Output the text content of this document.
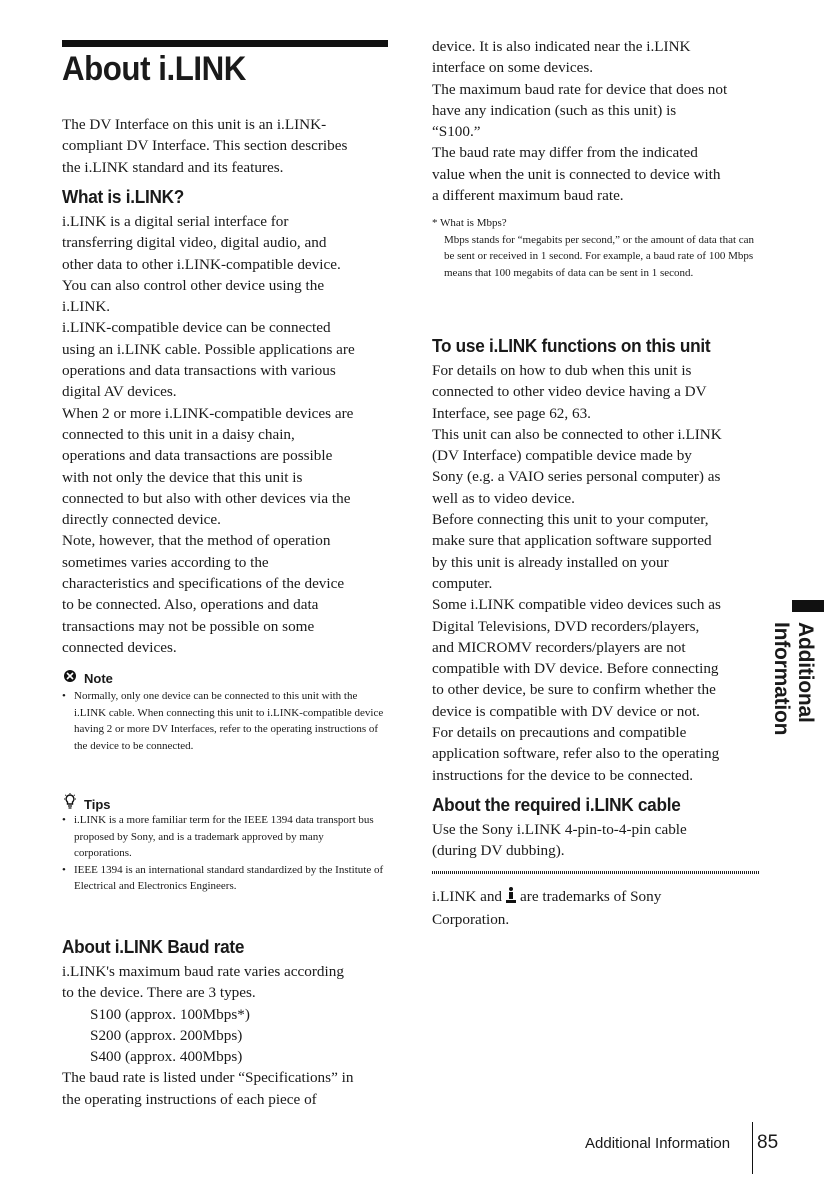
About i.LINK

The DV Interface on this unit is an i.LINK-

compliant DV Interface. This section describes

the i.LINK standard and its features.

What is i.LINK?

i.LINK is a digital serial interface for

transferring digital video, digital audio, and

other data to other i.LINK-compatible device.

You can also control other device using the

i.LINK.

i.LINK-compatible device can be connected

using an i.LINK cable. Possible applications are

operations and data transactions with various

digital AV devices.

When 2 or more i.LINK-compatible devices are

connected to this unit in a daisy chain,

operations and data transactions are possible

with not only the device that this unit is

connected to but also with other devices via the

directly connected device.

Note, however, that the method of operation

sometimes varies according to the

characteristics and specifications of the device

to be connected. Also, operations and data

transactions may not be possible on some

connected devices.

Note

• Normally, only one device can be connected to this unit with the i.LINK cable. When connecting this unit to i.LINK-compatible device having 2 or more DV Interfaces, refer to the operating instructions of the device to be connected.

Tips

• i.LINK is a more familiar term for the IEEE 1394 data transport bus proposed by Sony, and is a trademark approved by many corporations.
• IEEE 1394 is an international standard standardized by the Institute of Electrical and Electronics Engineers.
About i.LINK Baud rate

i.LINK's maximum baud rate varies according

to the device. There are 3 types.

S100 (approx. 100Mbps*)

S200 (approx. 200Mbps)

S400 (approx. 400Mbps)

The baud rate is listed under “Specifications” in

the operating instructions of each piece of

device. It is also indicated near the i.LINK

interface on some devices.

The maximum baud rate for device that does not

have any indication (such as this unit) is

“S100.”

The baud rate may differ from the indicated

value when the unit is connected to device with

a different maximum baud rate.

* What is Mbps?
Mbps stands for “megabits per second,” or the amount of data that can be sent or received in 1 second. For example, a baud rate of 100 Mbps means that 100 megabits of data can be sent in 1 second.
To use i.LINK functions on this unit

For details on how to dub when this unit is

connected to other video device having a DV

Interface, see page 62, 63.

This unit can also be connected to other i.LINK

(DV Interface) compatible device made by

Sony (e.g. a VAIO series personal computer) as

well as to video device.

Before connecting this unit to your computer,

make sure that application software supported

by this unit is already installed on your

computer.

Some i.LINK compatible video devices such as

Digital Televisions, DVD recorders/players,

and MICROMV recorders/players are not

compatible with DV device. Before connecting

to other device, be sure to confirm whether the

device is compatible with DV device or not.

For details on precautions and compatible

application software, refer also to the operating

instructions for the device to be connected.

About the required i.LINK cable

Use the Sony i.LINK 4-pin-to-4-pin cable

(during DV dubbing).

i.LINK and are trademarks of Sony

Corporation.

Additional Information

Additional Information 85
